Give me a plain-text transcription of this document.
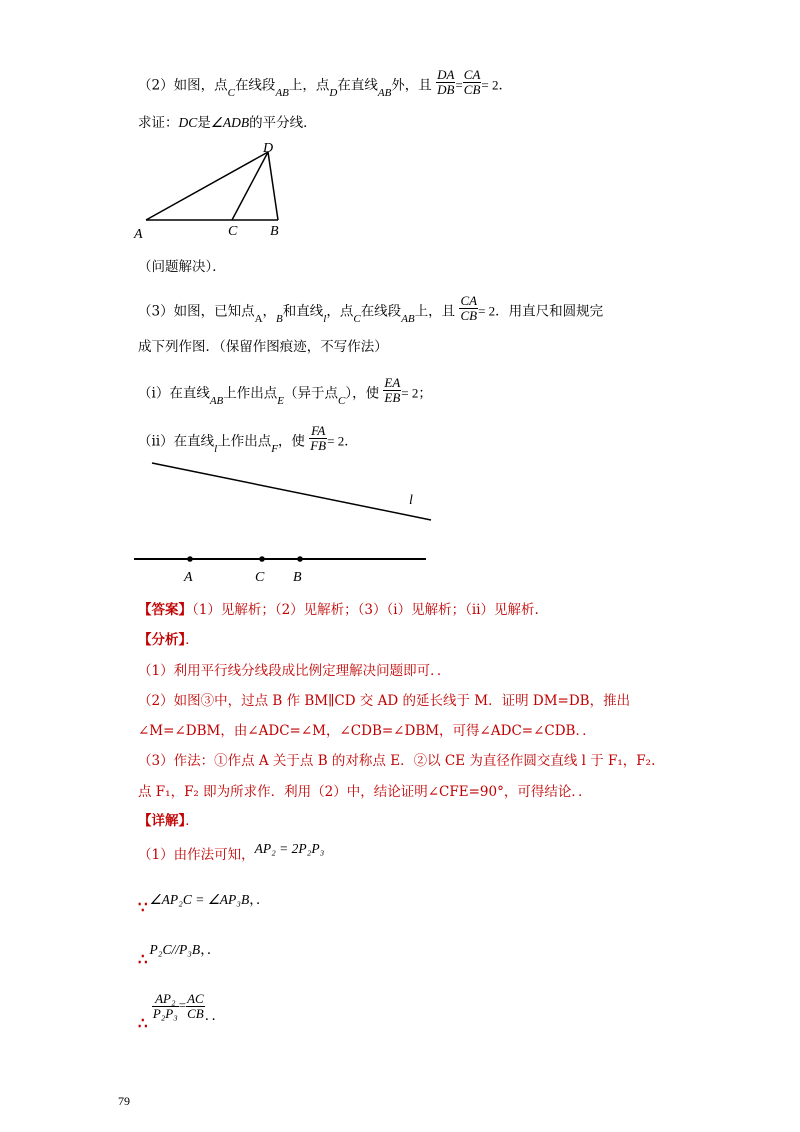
（2）如图，点$_C$在线段$_{AB}$上，点$_D$在直线$_{AB}$外，且 $\frac{DA}{DB} = \frac{CA}{CB} = 2$．
求证：DC是∠ADB的平分线．
D
A	C B
（问题解决）．
（3）如图，已知点$_A$，$_B$和直线$_l$，点$_C$在线段$_{AB}$上，且 $\frac{CA}{CB} = 2$．用直尺和圆规完
成下列作图．（保留作图痕迹，不写作法）
（ⅰ）在直线$_{AB}$上作出点$_E$（异于点$_C$），使 $\frac{EA}{EB} = 2$；
（ⅱ）在直线$_l$上作出点$_F$，使 $\frac{FA}{FB} = 2$．
l
A	C B
【答案】（1）见解析；（2）见解析；（3）（ⅰ）见解析；（ⅱ）见解析.
【分析】．
（1）利用平行线分线段成比例定理解决问题即可．．
（2）如图③中，过点 B 作 BM∥CD 交 AD 的延长线于 M．证明 DM=DB，推出
∠M=∠DBM，由∠ADC=∠M，∠CDB=∠DBM，可得∠ADC=∠CDB．．
（3）作法：①作点 A 关于点 B 的对称点 E．②以 CE 为直径作圆交直线 l 于 F₁，F₂.
点 F₁，F₂ 即为所求作．利用（2）中，结论证明∠CFE=90°，可得结论．．
【详解】．
（1）由作法可知，AP₂ = 2P₂P₃
∵ ∠AP₂C = ∠AP₃B，．
∴P₂C//P₃B，．
∴
$\frac{\text{AP₂}}{\text{P₂P₃}} = \frac{AC}{CB}$ ．．
79
